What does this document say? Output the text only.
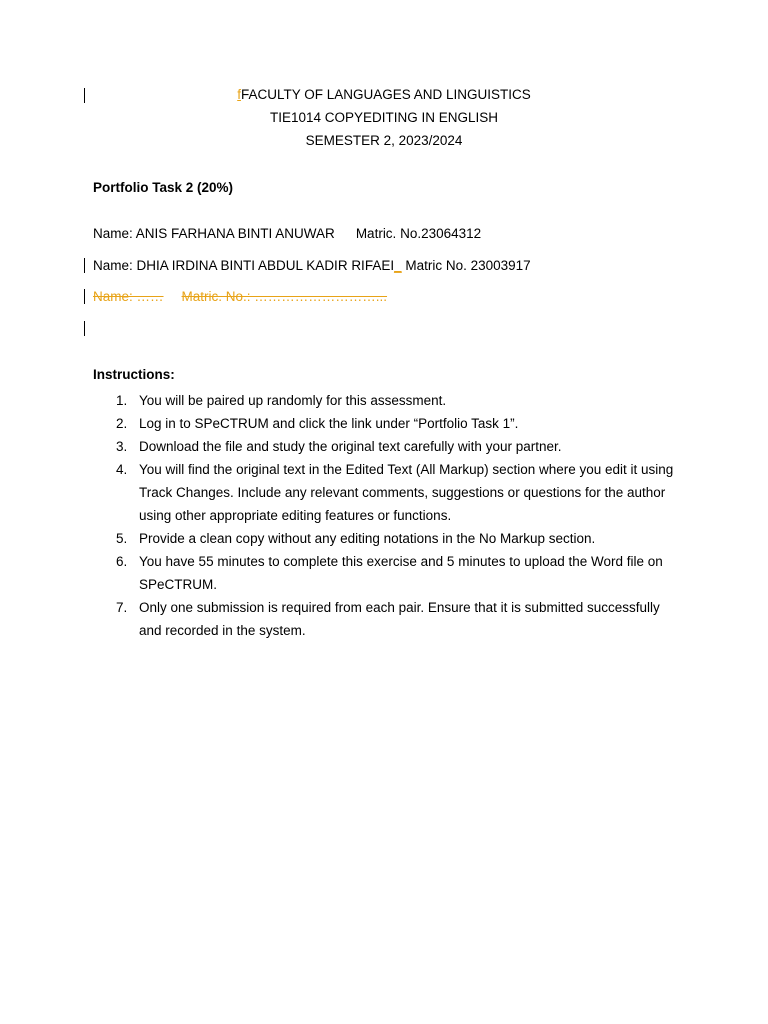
fFACULTY OF LANGUAGES AND LINGUISTICS
TIE1014 COPYEDITING IN ENGLISH
SEMESTER 2, 2023/2024
Portfolio Task 2 (20%)
Name: ANIS FARHANA BINTI ANUWAR Matric. No.23064312
Name: DHIA IRDINA BINTI ABDUL KADIR RIFAEI_ Matric No. 23003917
Name: …… Matric. No.: ………………………...
Instructions:
1. You will be paired up randomly for this assessment.
2. Log in to SPeCTRUM and click the link under “Portfolio Task 1”.
3. Download the file and study the original text carefully with your partner.
4. You will find the original text in the Edited Text (All Markup) section where you edit it using Track Changes. Include any relevant comments, suggestions or questions for the author using other appropriate editing features or functions.
5. Provide a clean copy without any editing notations in the No Markup section.
6. You have 55 minutes to complete this exercise and 5 minutes to upload the Word file on SPeCTRUM.
7. Only one submission is required from each pair. Ensure that it is submitted successfully and recorded in the system.
